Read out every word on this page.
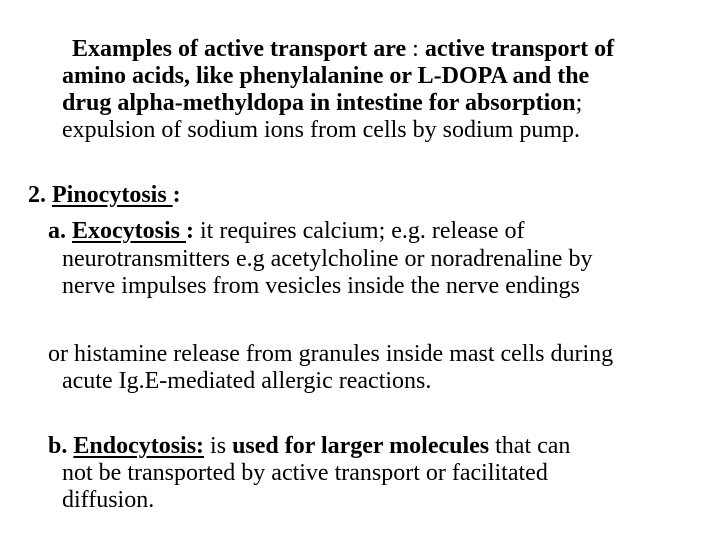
Examples of active transport are : active transport of
amino acids, like phenylalanine or L-DOPA and the
drug alpha-methyldopa in intestine for absorption;
expulsion of sodium ions from cells by sodium pump.
2. Pinocytosis :
a. Exocytosis : it requires calcium; e.g. release of
neurotransmitters e.g acetylcholine or noradrenaline by
nerve impulses from vesicles inside the nerve endings
or histamine release from granules inside mast cells during
acute Ig.E-mediated allergic reactions.
b. Endocytosis: is used for larger molecules that can
not be transported by active transport or facilitated
diffusion.
